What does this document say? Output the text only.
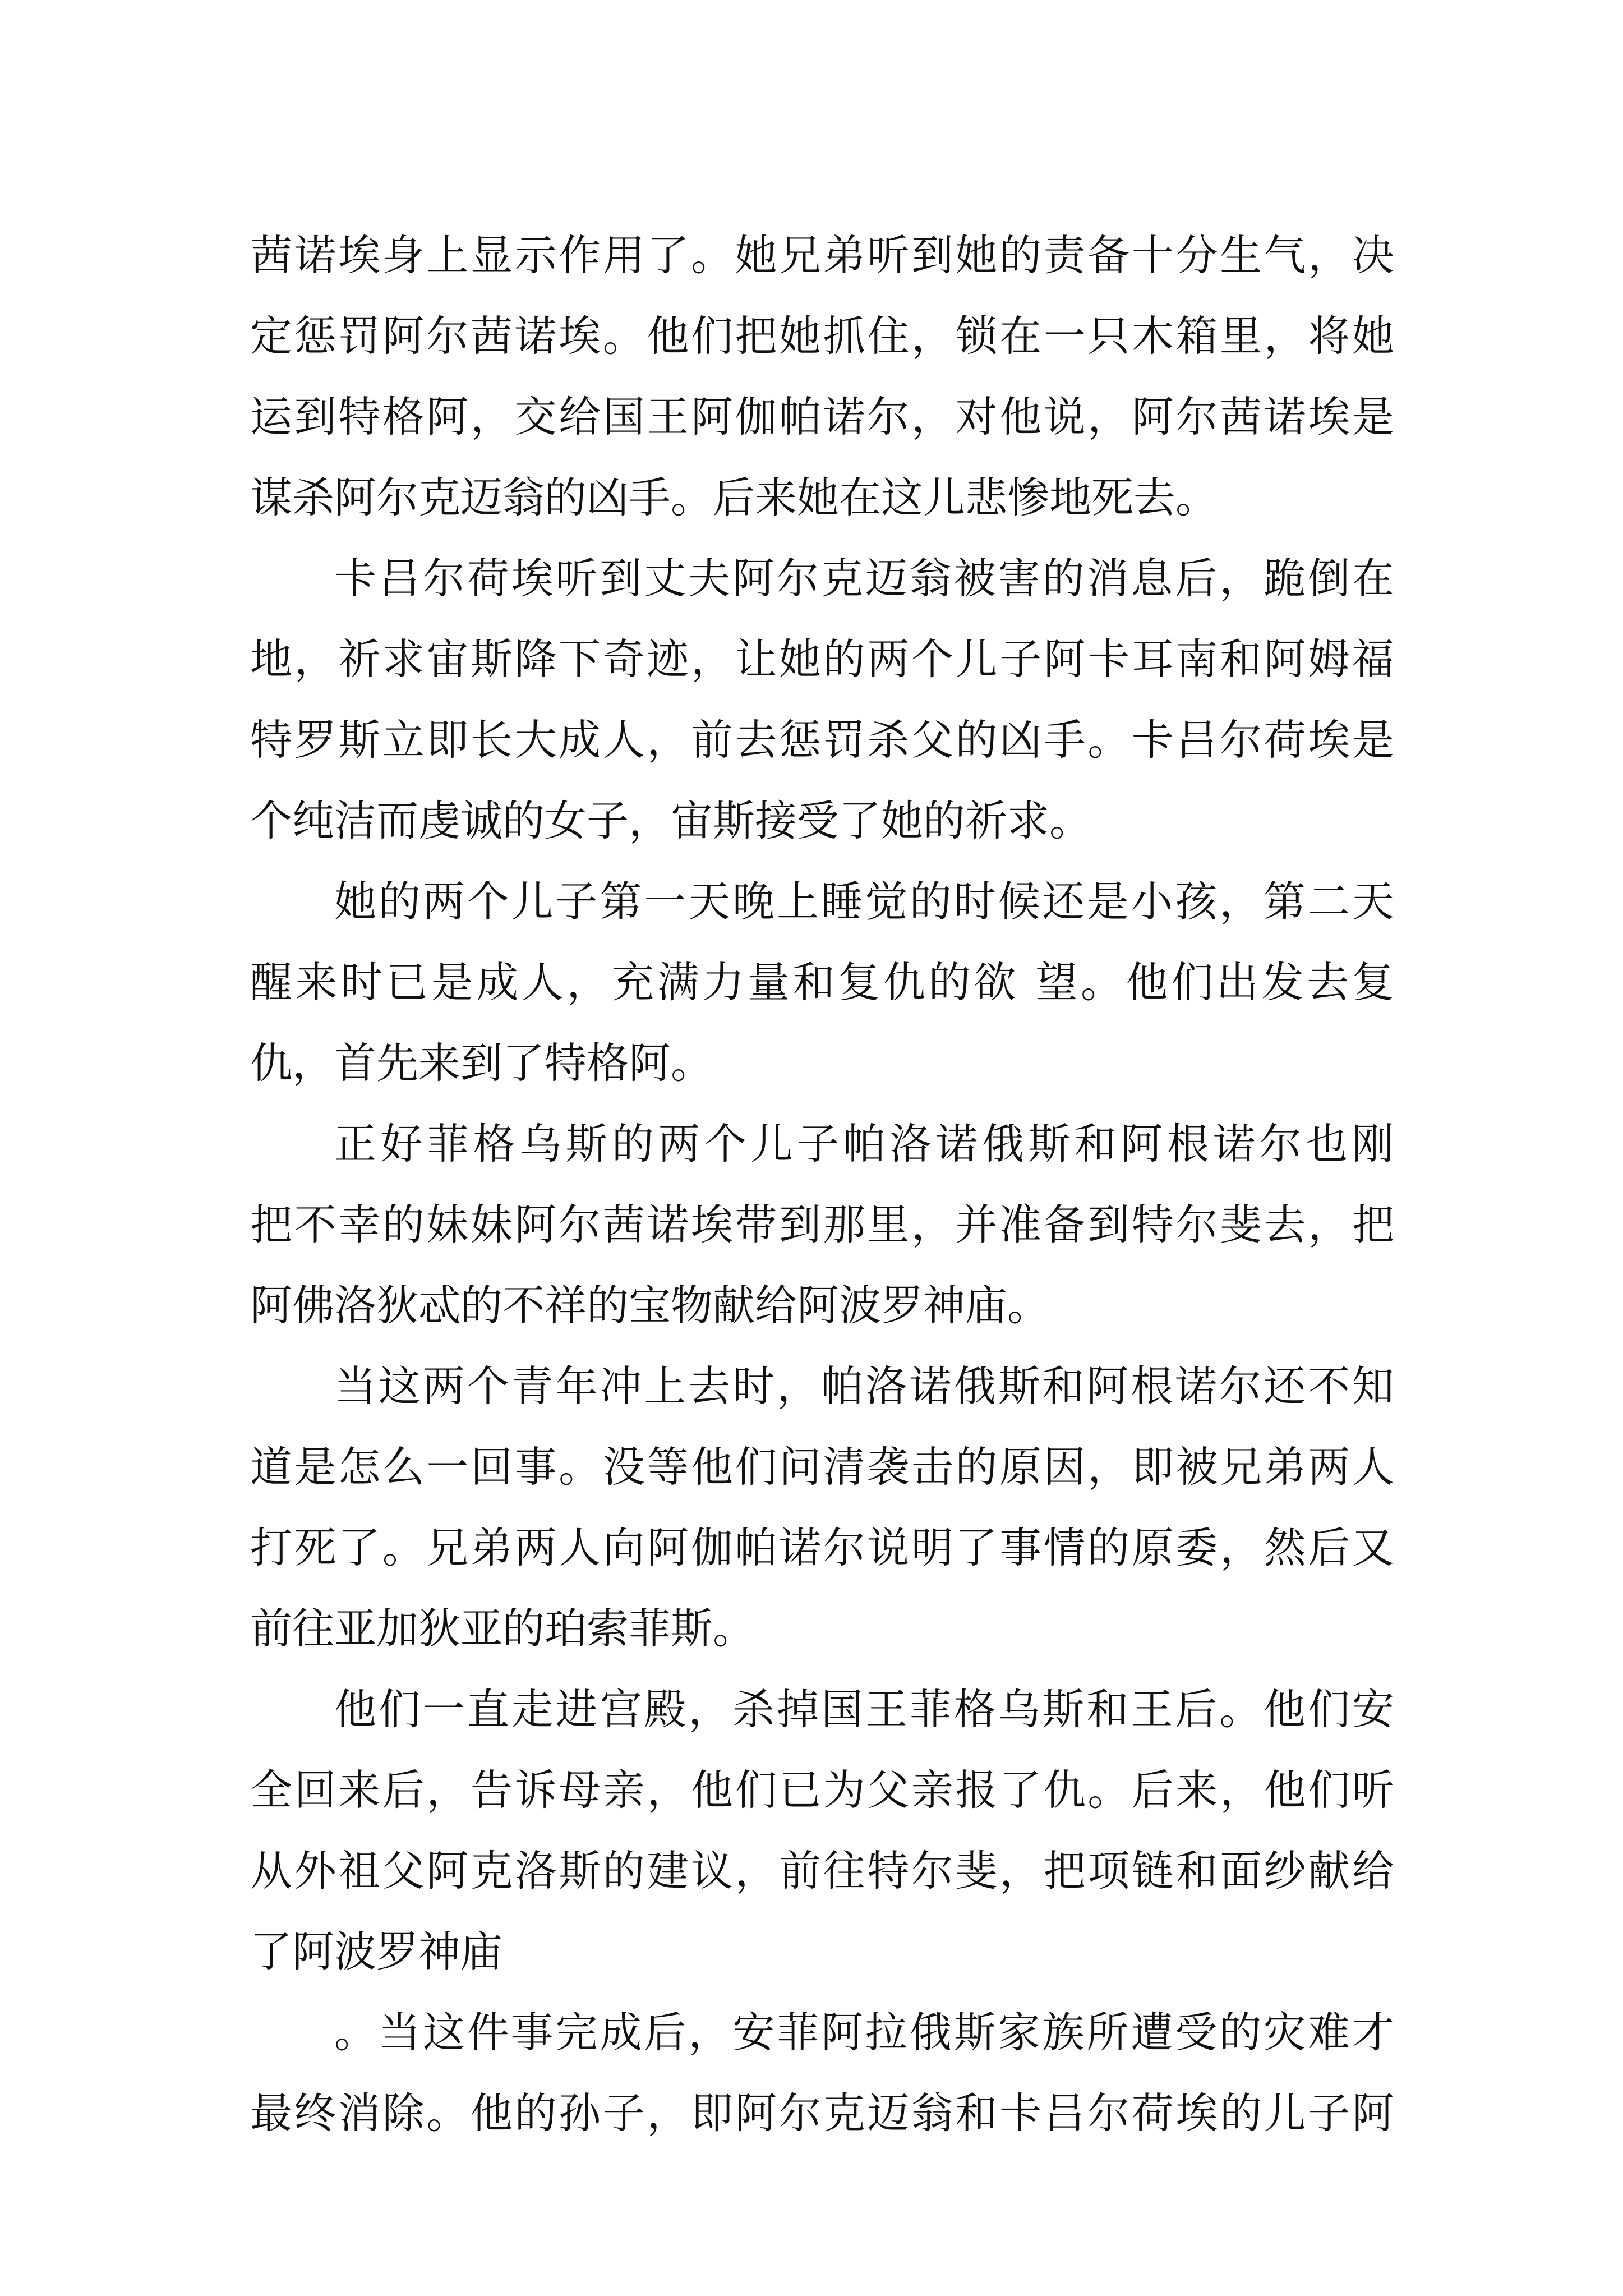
茜 诺 埃 身 上 显 示 作 用 了 。 她 兄 弟 听 到 她 的 责 备 十 分 生 气 ， 决
定 惩 罚 阿 尔 茜 诺 埃 。 他 们 把 她 抓 住 ， 锁 在 一 只 木 箱 里 ， 将 她
运 到 特 格 阿 ， 交 给 国 王 阿 伽 帕 诺 尔 ， 对 他 说 ， 阿 尔 茜 诺 埃 是
谋杀阿尔克迈翁的凶手。后来她在这儿悲惨地死去。
卡 吕 尔 荷 埃 听 到 丈 夫 阿 尔 克 迈 翁 被 害 的 消 息 后 ， 跪 倒 在
地 ， 祈 求 宙 斯 降 下 奇 迹 ， 让 她 的 两 个 儿 子 阿 卡 耳 南 和 阿 姆 福
特 罗 斯 立 即 长 大 成 人 ， 前 去 惩 罚 杀 父 的 凶 手 。 卡 吕 尔 荷 埃 是
个纯洁而虔诚的女子，宙斯接受了她的祈求。
她 的 两 个 儿 子 第 一 天 晚 上 睡 觉 的 时 候 还 是 小 孩 ， 第 二 天
醒 来 时 已 是 成 人 ， 充 满 力 量 和 复 仇 的 欲
望 。 他 们 出 发 去 复
仇，首先来到了特格阿。
正 好 菲 格 乌 斯 的 两 个 儿 子 帕 洛 诺 俄 斯 和 阿 根 诺 尔 也 刚
把 不 幸 的 妹 妹 阿 尔 茜 诺 埃 带 到 那 里 ， 并 准 备 到 特 尔 斐 去 ， 把
阿佛洛狄忒的不祥的宝物献给阿波罗神庙。
当 这 两 个 青 年 冲 上 去 时 ， 帕 洛 诺 俄 斯 和 阿 根 诺 尔 还 不 知
道 是 怎 么 一 回 事 。 没 等 他 们 问 清 袭 击 的 原 因 ， 即 被 兄 弟 两 人
打 死 了 。 兄 弟 两 人 向 阿 伽 帕 诺 尔 说 明 了 事 情 的 原 委 ， 然 后 又
前往亚加狄亚的珀索菲斯。
他 们 一 直 走 进 宫 殿 ， 杀 掉 国 王 菲 格 乌 斯 和 王 后 。 他 们 安
全 回 来 后 ， 告 诉 母 亲 ， 他 们 已 为 父 亲 报 了 仇 。 后 来 ， 他 们 听
从 外 祖 父 阿 克 洛 斯 的 建 议 ， 前 往 特 尔 斐 ， 把 项 链 和 面 纱 献 给
了阿波罗神庙
。 当 这 件 事 完 成 后 ， 安 菲 阿 拉 俄 斯 家 族 所 遭 受 的 灾 难 才
最 终 消 除 。 他 的 孙 子 ， 即 阿 尔 克 迈 翁 和 卡 吕 尔 荷 埃 的 儿 子 阿
